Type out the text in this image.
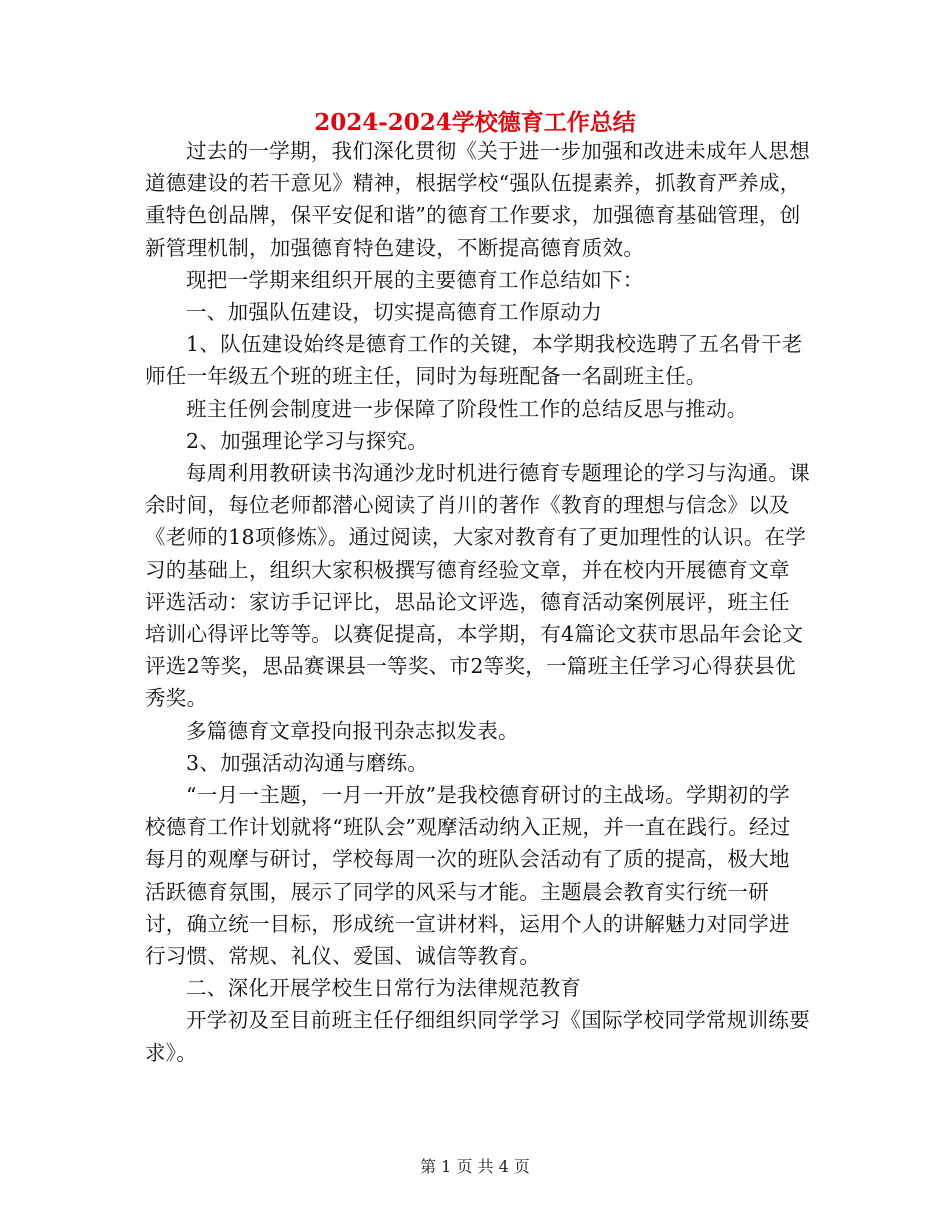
2024-2024学校德育工作总结

过去的一学期，我们深化贯彻《关于进一步加强和改进未成年人思想道德建设的若干意见》精神，根据学校“强队伍提素养，抓教育严养成，重特色创品牌，保平安促和谐”的德育工作要求，加强德育基础管理，创新管理机制，加强德育特色建设，不断提高德育质效。

现把一学期来组织开展的主要德育工作总结如下：

一、加强队伍建设，切实提高德育工作原动力

1、队伍建设始终是德育工作的关键，本学期我校选聘了五名骨干老师任一年级五个班的班主任，同时为每班配备一名副班主任。

班主任例会制度进一步保障了阶段性工作的总结反思与推动。

2、加强理论学习与探究。

每周利用教研读书沟通沙龙时机进行德育专题理论的学习与沟通。课余时间，每位老师都潜心阅读了肖川的著作《教育的理想与信念》以及《老师的18项修炼》。通过阅读，大家对教育有了更加理性的认识。在学习的基础上，组织大家积极撰写德育经验文章，并在校内开展德育文章评选活动：家访手记评比，思品论文评选，德育活动案例展评，班主任培训心得评比等等。以赛促提高，本学期，有4篇论文获市思品年会论文评选2等奖，思品赛课县一等奖、市2等奖，一篇班主任学习心得获县优秀奖。

多篇德育文章投向报刊杂志拟发表。

3、加强活动沟通与磨练。

“一月一主题，一月一开放”是我校德育研讨的主战场。学期初的学校德育工作计划就将“班队会”观摩活动纳入正规，并一直在践行。经过每月的观摩与研讨，学校每周一次的班队会活动有了质的提高，极大地活跃德育氛围，展示了同学的风采与才能。主题晨会教育实行统一研讨，确立统一目标，形成统一宣讲材料，运用个人的讲解魅力对同学进行习惯、常规、礼仪、爱国、诚信等教育。

二、深化开展学校生日常行为法律规范教育

开学初及至目前班主任仔细组织同学学习《国际学校同学常规训练要求》。

第 1 页 共 4 页
